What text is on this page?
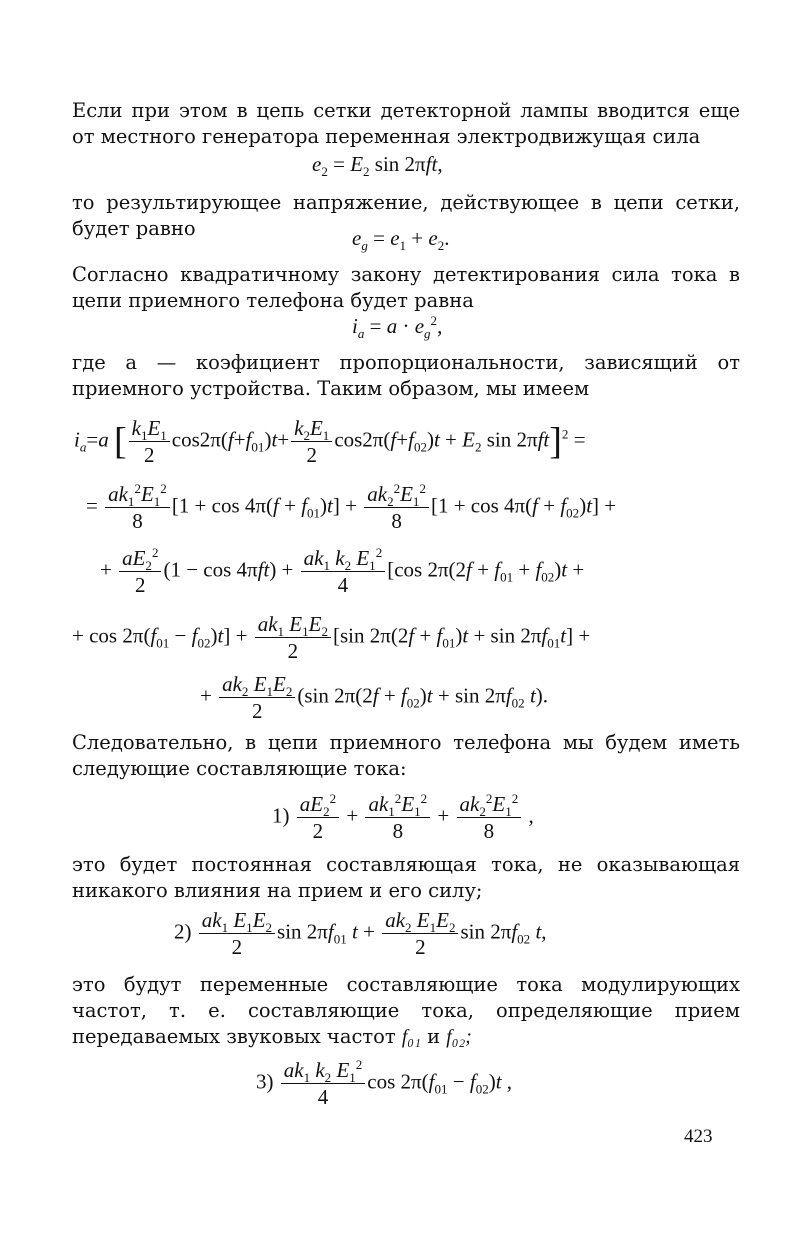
Если при этом в цепь сетки детекторной лампы вводится еще от местного генератора переменная электродвижущая сила

$e_2 = E_2$ sin 2πft,

то результирующее напряжение, действующее в цепи сетки, будет равно	$e_g = e_1 + e_2$.

Согласно квадратичному закону детектирования сила тока в цепи приемного телефона будет равна

$i_a = a \cdot e_g^2$,

где a — коэфициент пропорциональности, зависящий от приемного устройства. Таким образом, мы имеем

$i_a=a$ [ $\frac{k_1E_1}{2} \cos 2\pi(f+f_{01})t+ \frac{k_2E_1}{2} \cos 2\pi(f+f_{02})t + E_2$ sin 2πft]$^2$ =
= $\frac{ak_1^2E_1^2}{8} [1 + \cos 4\pi(f + f_{01})t] + \frac{ak_2^2E_1^2}{8} [1 + \cos 4\pi(f + f_{02})t]$ +
+ $\frac{aE_2^2}{2} (1 - \cos 4\pi ft) + \frac{ak_1 k_2 E_1^2}{4} [\cos$ $2\pi(2f + f_{01} + f_{02})t$ +
+ $\cos 2\pi(f_{01} - f_{02})t] + \frac{ak_1 E_1E_2}{2} [\sin$ $2\pi(2f + f_{01})t + \sin 2\pi f_{01}t$] +
+ $\frac{ak_2 E_1E_2}{2} (\sin$ $2\pi(2f + f_{02})t + \sin 2\pi f_{02}$ t).

Следовательно, в цепи приемного телефона мы будем иметь следующие составляющие тока:

$1) \frac{aE_2^2}{2} + \frac{ak_1^2E_1^2}{8} + \frac{ak_2^2E_1^2}{8}$ ,

это будет постоянная составляющая тока, не оказывающая никакого влияния на прием и его силу;

$2) \frac{ak_1 E_1E_2}{2}$ $\sin 2\pi f_{01}$ $t + \frac{ak_2 E_1E_2}{2}$ $\sin 2\pi f_{02}$ t,
это будут переменные составляющие тока модулирующих частот, т. е. составляющие тока, определяющие прием передаваемых звуковых частот f₀₁ и f₀₂;
$3) \frac{ak_1 k_2 E_1^2}{4}$ $\cos 2\pi(f_{01} - f_{02})t$ ,
423
